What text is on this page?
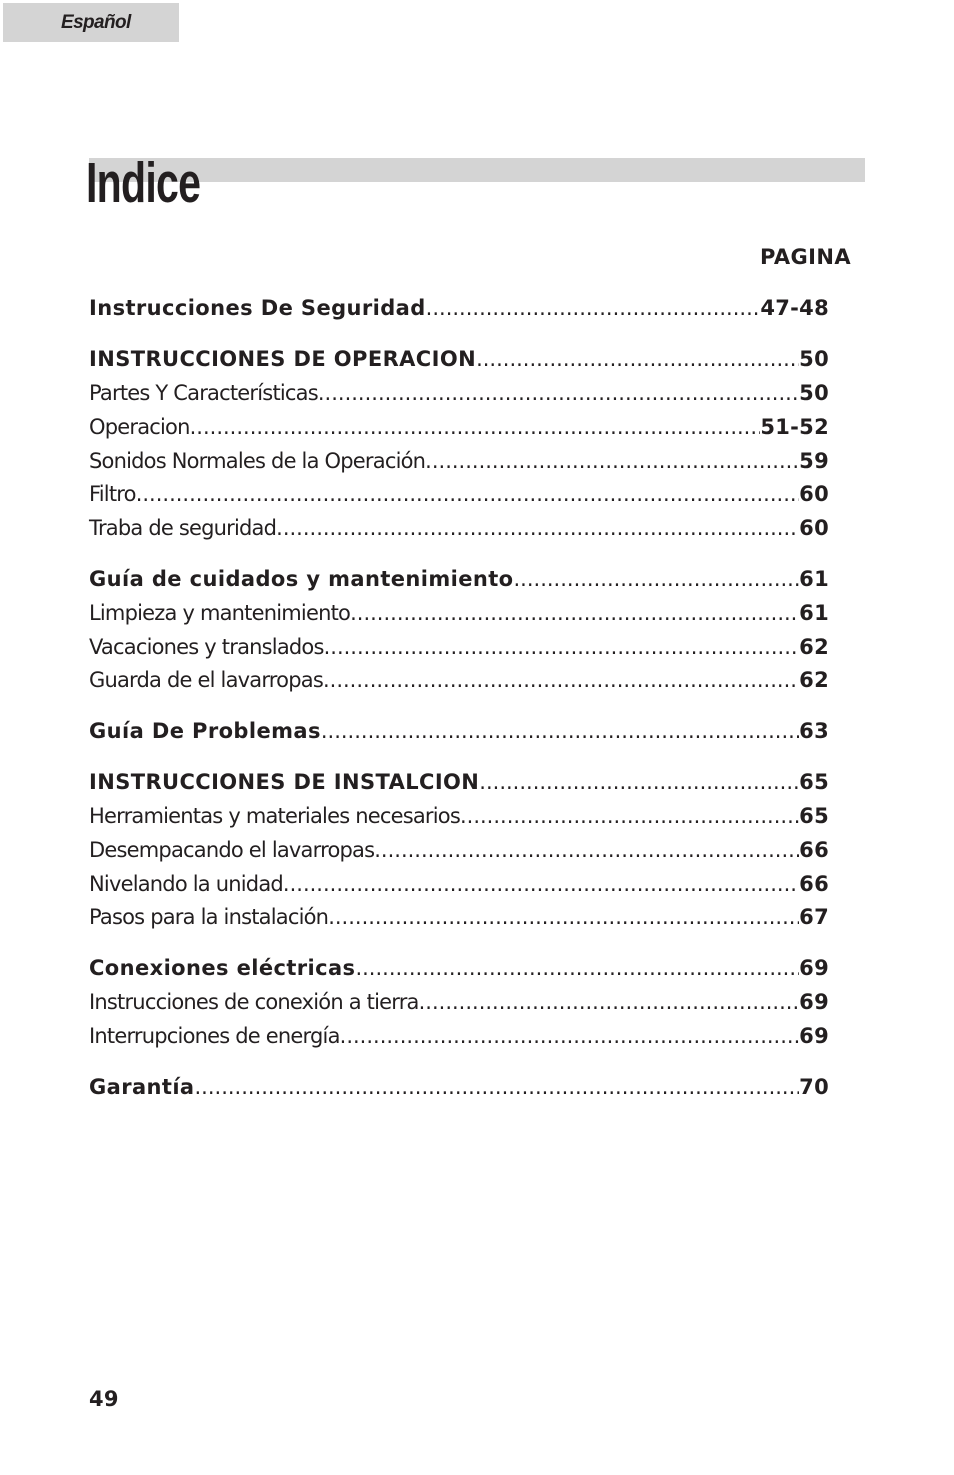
Español
Indice
PAGINA
Instrucciones De Seguridad .....	47-48
INSTRUCCIONES DE OPERACION .....	50
Partes Y Características .....	50
Operacion .....	51-52
Sonidos Normales de la Operación .....	59
Filtro .....	60
Traba de seguridad .....	60
Guía de cuidados y mantenimiento .....	61
Limpieza y mantenimiento .....	61
Vacaciones y translados .....	62
Guarda de el lavarropas .....	62
Guía De Problemas .....	63
INSTRUCCIONES DE INSTALCION .....	65
Herramientas y materiales necesarios .....	65
Desempacando el lavarropas .....	66
Nivelando la unidad .....	66
Pasos para la instalación .....	67
Conexiones eléctricas .....	69
Instrucciones de conexión a tierra .....	69
Interrupciones de energía .....	69
Garantía .....	70
49
